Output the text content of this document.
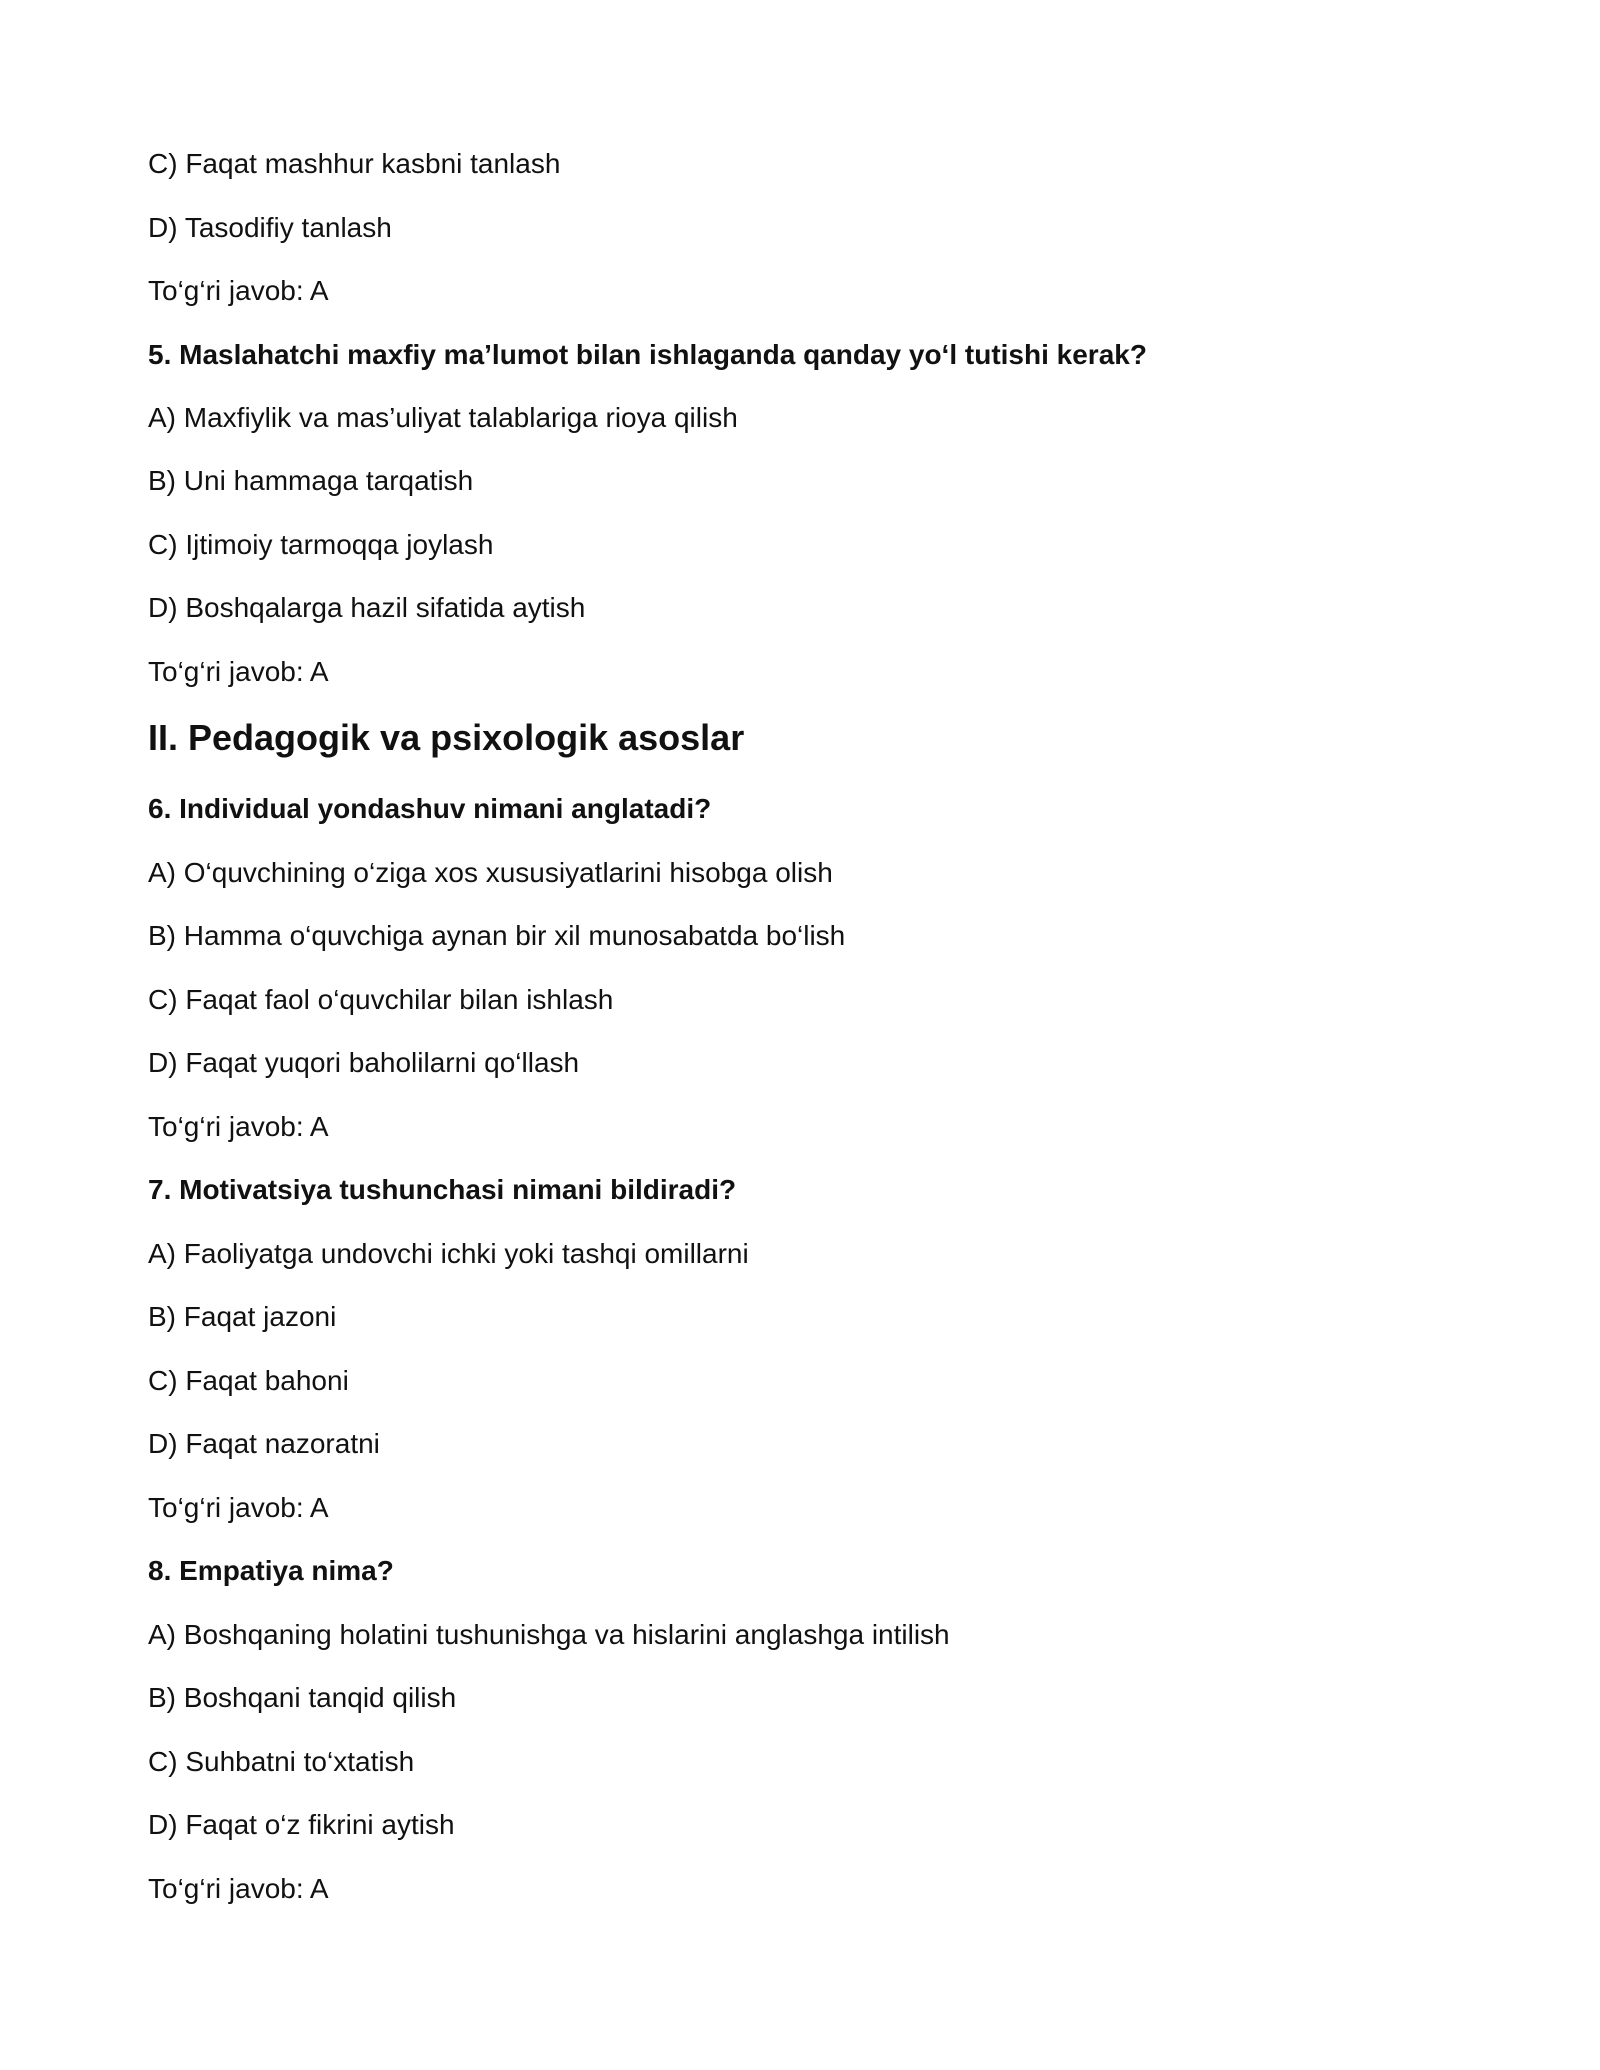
C) Faqat mashhur kasbni tanlash
D) Tasodifiy tanlash
To‘g‘ri javob: A
5. Maslahatchi maxfiy ma’lumot bilan ishlaganda qanday yo‘l tutishi kerak?
A) Maxfiylik va mas’uliyat talablariga rioya qilish
B) Uni hammaga tarqatish
C) Ijtimoiy tarmoqqa joylash
D) Boshqalarga hazil sifatida aytish
To‘g‘ri javob: A
II. Pedagogik va psixologik asoslar
6. Individual yondashuv nimani anglatadi?
A) O‘quvchining o‘ziga xos xususiyatlarini hisobga olish
B) Hamma o‘quvchiga aynan bir xil munosabatda bo‘lish
C) Faqat faol o‘quvchilar bilan ishlash
D) Faqat yuqori baholilarni qo‘llash
To‘g‘ri javob: A
7. Motivatsiya tushunchasi nimani bildiradi?
A) Faoliyatga undovchi ichki yoki tashqi omillarni
B) Faqat jazoni
C) Faqat bahoni
D) Faqat nazoratni
To‘g‘ri javob: A
8. Empatiya nima?
A) Boshqaning holatini tushunishga va hislarini anglashga intilish
B) Boshqani tanqid qilish
C) Suhbatni to‘xtatish
D) Faqat o‘z fikrini aytish
To‘g‘ri javob: A
